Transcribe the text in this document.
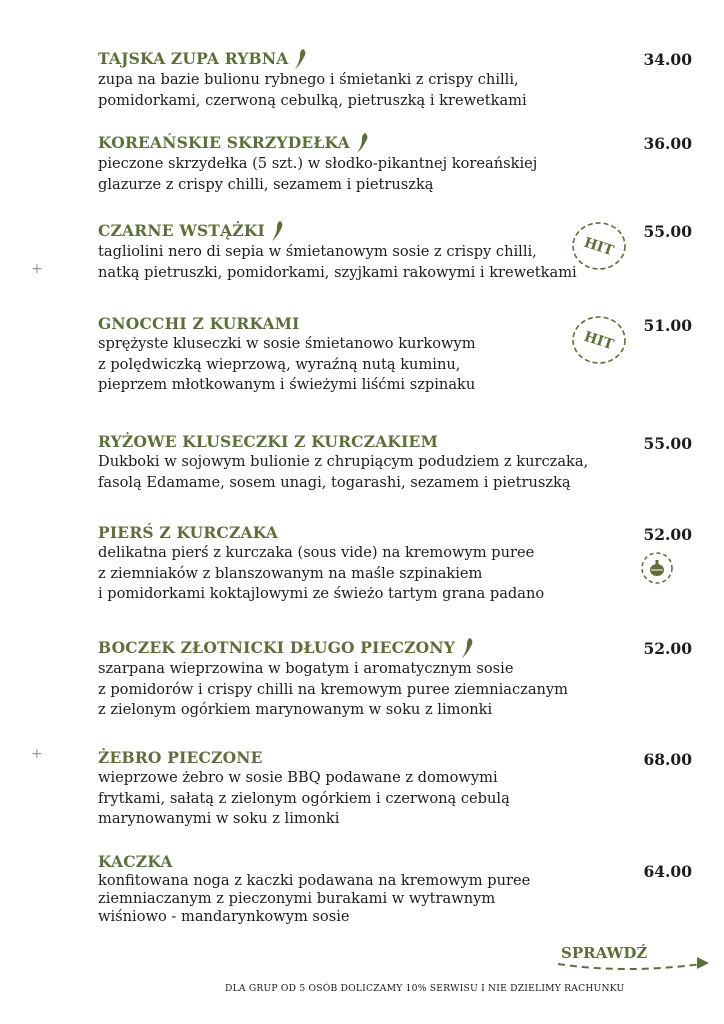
+
+
TAJSKA ZUPA RYBNA
zupa na bazie bulionu rybnego i śmietanki z crispy chilli,
pomidorkami, czerwoną cebulką, pietruszką i krewetkami
34.00
KOREAŃSKIE SKRZYDEŁKA
pieczone skrzydełka (5 szt.) w słodko-pikantnej koreańskiej
glazurze z crispy chilli, sezamem i pietruszką
36.00
CZARNE WSTĄŻKI
tagliolini nero di sepia w śmietanowym sosie z crispy chilli,
natką pietruszki, pomidorkami, szyjkami rakowymi i krewetkami
55.00
HIT
GNOCCHI Z KURKAMI
sprężyste kluseczki w sosie śmietanowo kurkowym
z polędwiczką wieprzową, wyraźną nutą kuminu,
pieprzem młotkowanym i świeżymi liśćmi szpinaku
51.00
HIT
RYŻOWE KLUSECZKI Z KURCZAKIEM
Dukboki w sojowym bulionie z chrupiącym podudziem z kurczaka,
fasolą Edamame, sosem unagi, togarashi, sezamem i pietruszką
55.00
PIERŚ Z KURCZAKA
delikatna pierś z kurczaka (sous vide) na kremowym puree
z ziemniaków z blanszowanym na maśle szpinakiem
i pomidorkami koktajlowymi ze świeżo tartym grana padano
52.00
BOCZEK ZŁOTNICKI DŁUGO PIECZONY
szarpana wieprzowina w bogatym i aromatycznym sosie
z pomidorów i crispy chilli na kremowym puree ziemniaczanym
z zielonym ogórkiem marynowanym w soku z limonki
52.00
ŻEBRO PIECZONE
wieprzowe żebro w sosie BBQ podawane z domowymi
frytkami, sałatą z zielonym ogórkiem i czerwoną cebulą
marynowanymi w soku z limonki
68.00
KACZKA
konfitowana noga z kaczki podawana na kremowym puree
ziemniaczanym z pieczonymi burakami w wytrawnym
wiśniowo - mandarynkowym sosie
64.00
SPRAWDŹ
DLA GRUP OD 5 OSÓB DOLICZAMY 10% SERWISU I NIE DZIELIMY RACHUNKU
